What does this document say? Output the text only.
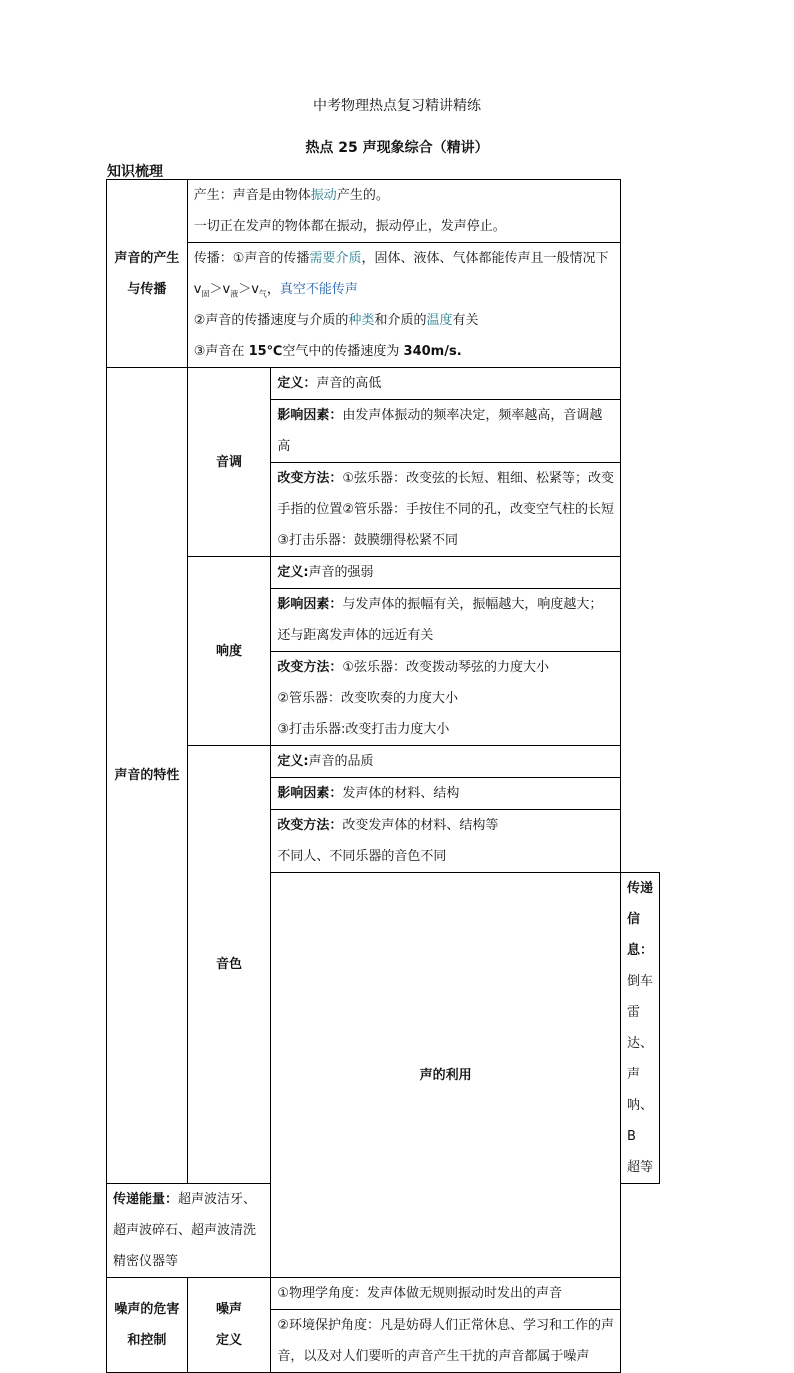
中考物理热点复习精讲精练
热点 25 声现象综合（精讲）
知识梳理
声音的产生
与传播	产生：声音是由物体振动产生的。
一切正在发声的物体都在振动，振动停止，发声停止。		

	传播：①声音的传播需要介质，固体、液体、气体都能传声且一般情况下
$v_固>v_液>v_气$，真空不能传声
②声音的传播速度与介质的种类和介质的温度有关
③声音在 15℃空气中的传播速度为 340m/s.		

声音的特性	音调	定义：声音的高低	
		影响因素：由发声体振动的频率决定，频率越高，音调越高	

		改变方法：①弦乐器：改变弦的长短、粗细、松紧等；改变
手指的位置②管乐器：手按住不同的孔，改变空气柱的长短
③打击乐器：鼓膜绷得松紧不同	

	响度	定义:声音的强弱	

		影响因素：与发声体的振幅有关，振幅越大，响度越大；
还与距离发声体的远近有关	

		改变方法：①弦乐器：改变拨动琴弦的力度大小
②管乐器：改变吹奏的力度大小
③打击乐器:改变打击力度大小	

	音色	定义:声音的品质	
		影响因素：发声体的材料、结构	

		改变方法：改变发声体的材料、结构等
不同人、不同乐器的音色不同	

		声的利用	传递信息：倒车雷达、声呐、B 超等
传递能量：超声波洁牙、超声波碎石、超声波清洗精密仪器等			

噪声的危害
和控制	噪声
定义	①物理学角度：发声体做无规则振动时发出的声音	

		②环境保护角度：凡是妨碍人们正常休息、学习和工作的声
音，以及对人们要听的声音产生干扰的声音都属于噪声	
